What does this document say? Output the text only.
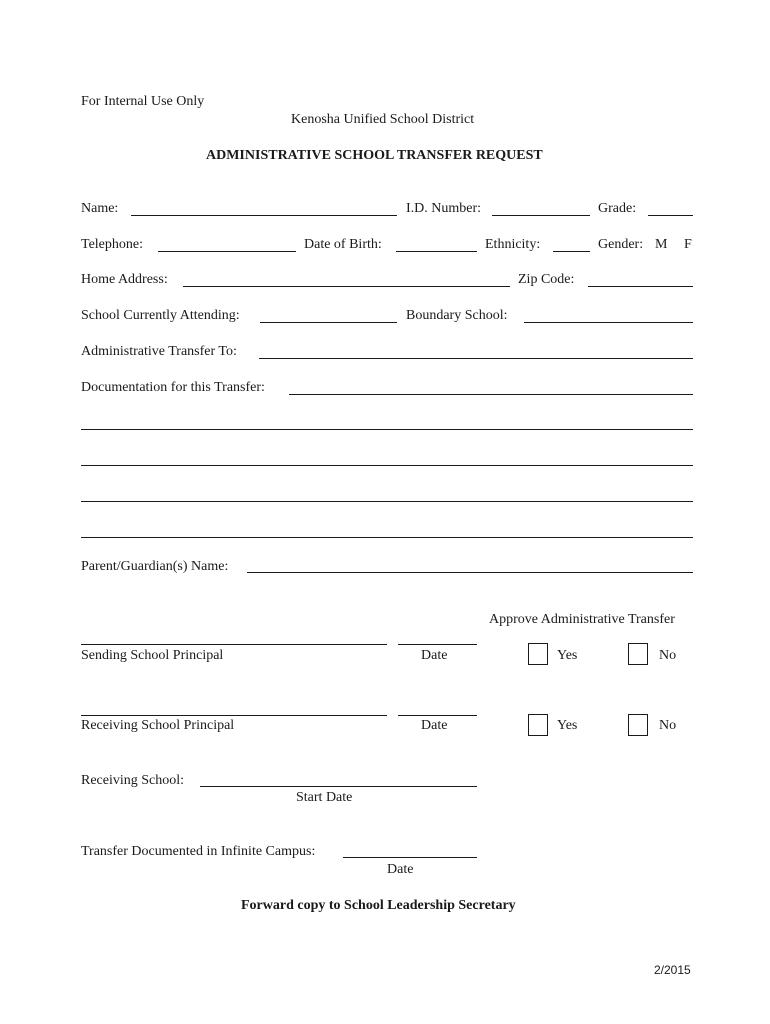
For Internal Use Only
Kenosha Unified School District
ADMINISTRATIVE SCHOOL TRANSFER REQUEST
Name:	I.D. Number:	Grade:
Telephone:	Date of Birth:	Ethnicity:	Gender: M F
Home Address:	Zip Code:
School Currently Attending:	Boundary School:
Administrative Transfer To:
Documentation for this Transfer:
Parent/Guardian(s) Name:
Approve Administrative Transfer
Sending School Principal	Date	Yes	No
Receiving School Principal	Date	Yes	No
Receiving School:
Start Date
Transfer Documented in Infinite Campus:
Date
Forward copy to School Leadership Secretary
2/2015
